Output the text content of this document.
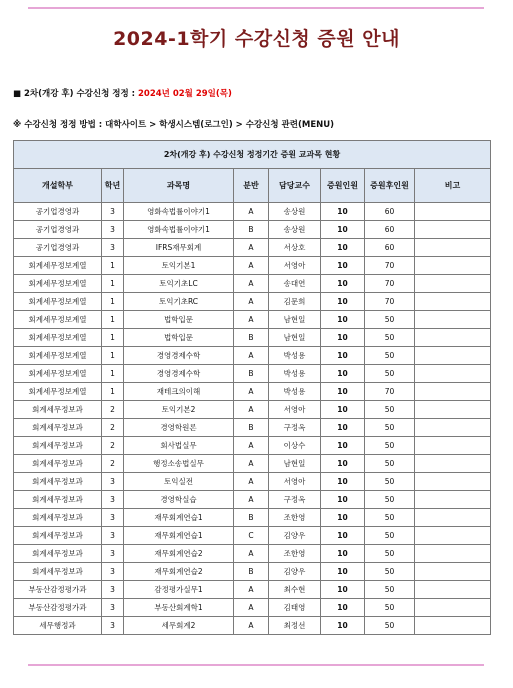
2024-1학기 수강신청 증원 안내
■ 2차(개강 후) 수강신청 정정 : 2024년 02월 29일(목)
※ 수강신청 정정 방법 : 대학사이트 > 학생시스템(로그인) > 수강신청 관련(MENU)
2차(개강 후) 수강신청 정정기간 증원 교과목 현황							
개설학부	학년	과목명	분반	담당교수	증원인원	증원후인원	비고
공기업경영과	3	영화속법률이야기1	A	송상원	10	60	
공기업경영과	3	영화속법률이야기1	B	송상원	10	60	
공기업경영과	3	IFRS재무회계	A	서상호	10	60	
회계세무정보계열	1	토익기본1	A	서영아	10	70	
회계세무정보계열	1	토익기초LC	A	송대연	10	70	
회계세무정보계열	1	토익기초RC	A	김문희	10	70	
회계세무정보계열	1	법학입문	A	남현일	10	50	
회계세무정보계열	1	법학입문	B	남현일	10	50	
회계세무정보계열	1	경영경제수학	A	박성용	10	50	
회계세무정보계열	1	경영경제수학	B	박성용	10	50	
회계세무정보계열	1	재테크의이해	A	박성용	10	70	
회계세무정보과	2	토익기본2	A	서영아	10	50	
회계세무정보과	2	경영학원론	B	구정옥	10	50	
회계세무정보과	2	회사법실무	A	이상수	10	50	
회계세무정보과	2	행정소송법실무	A	남현일	10	50	
회계세무정보과	3	토익실전	A	서영아	10	50	
회계세무정보과	3	경영학실습	A	구정옥	10	50	
회계세무정보과	3	재무회계연습1	B	조한영	10	50	
회계세무정보과	3	재무회계연습1	C	김양우	10	50	
회계세무정보과	3	재무회계연습2	A	조한영	10	50	
회계세무정보과	3	재무회계연습2	B	김양우	10	50	
부동산감정평가과	3	감정평가실무1	A	최수현	10	50	
부동산감정평가과	3	부동산회계학1	A	김태영	10	50	
세무행정과	3	세무회계2	A	최정선	10	50	
